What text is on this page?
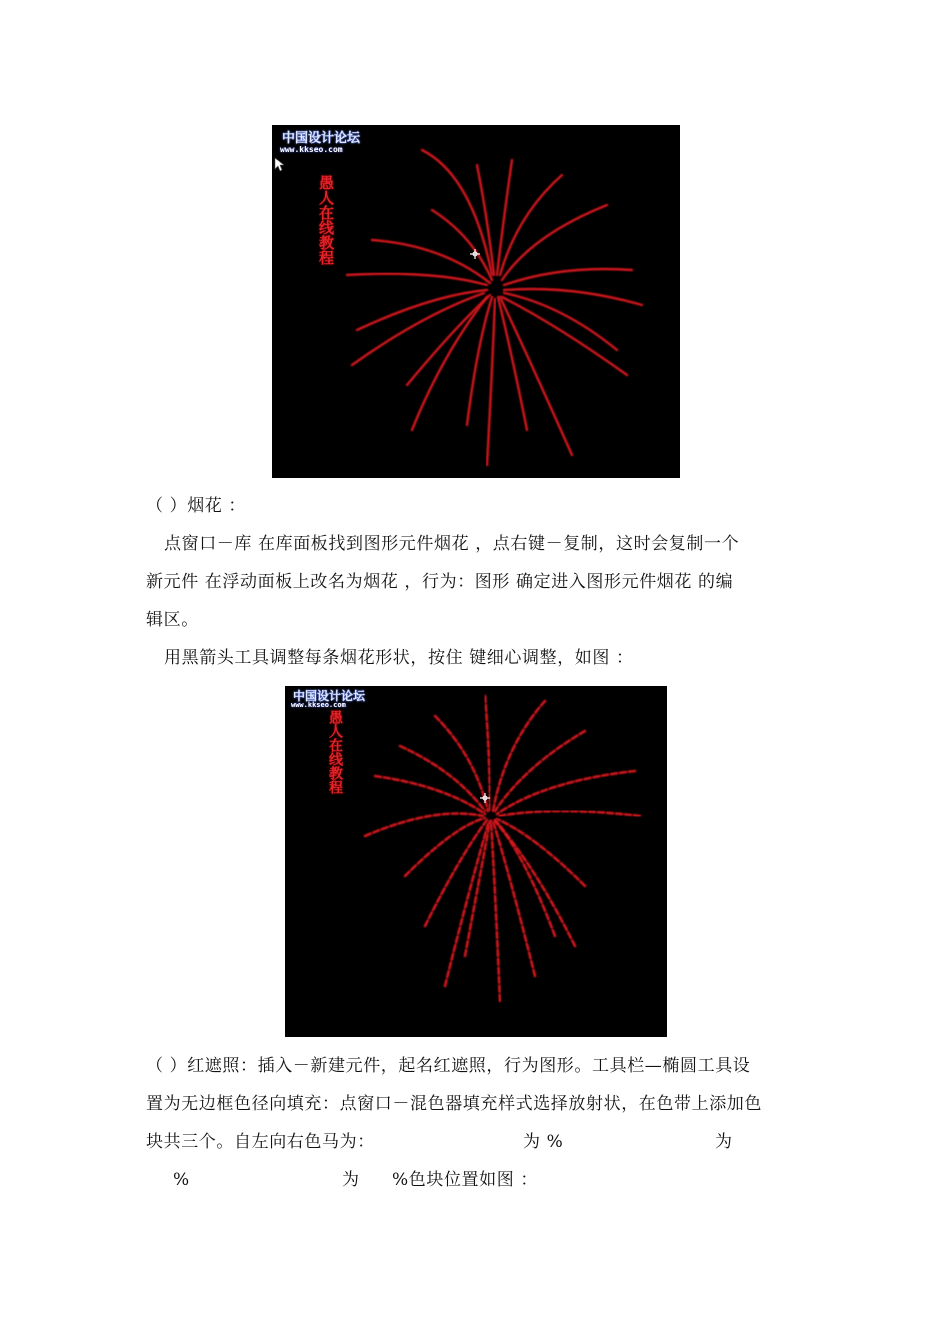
中国设计论坛
www.kkseo.com
愚人在线教程
（ ）烟花 ：
点窗口－库 在库面板找到图形元件烟花 ，点右键－复制，这时会复制一个
新元件 在浮动面板上改名为烟花 ，行为：图形 确定进入图形元件烟花 的编
辑区。
用黑箭头工具调整每条烟花形状，按住 键细心调整，如图 ：
中国设计论坛
www.kkseo.com
愚人在线教程
（ ）红遮照：插入－新建元件，起名红遮照，行为图形。工具栏—椭圆工具设
置为无边框色径向填充：点窗口－混色器填充样式选择放射状，在色带上添加色
块共三个。自左向右色马为：	为 %	为
%	为 %色块位置如图 ：
